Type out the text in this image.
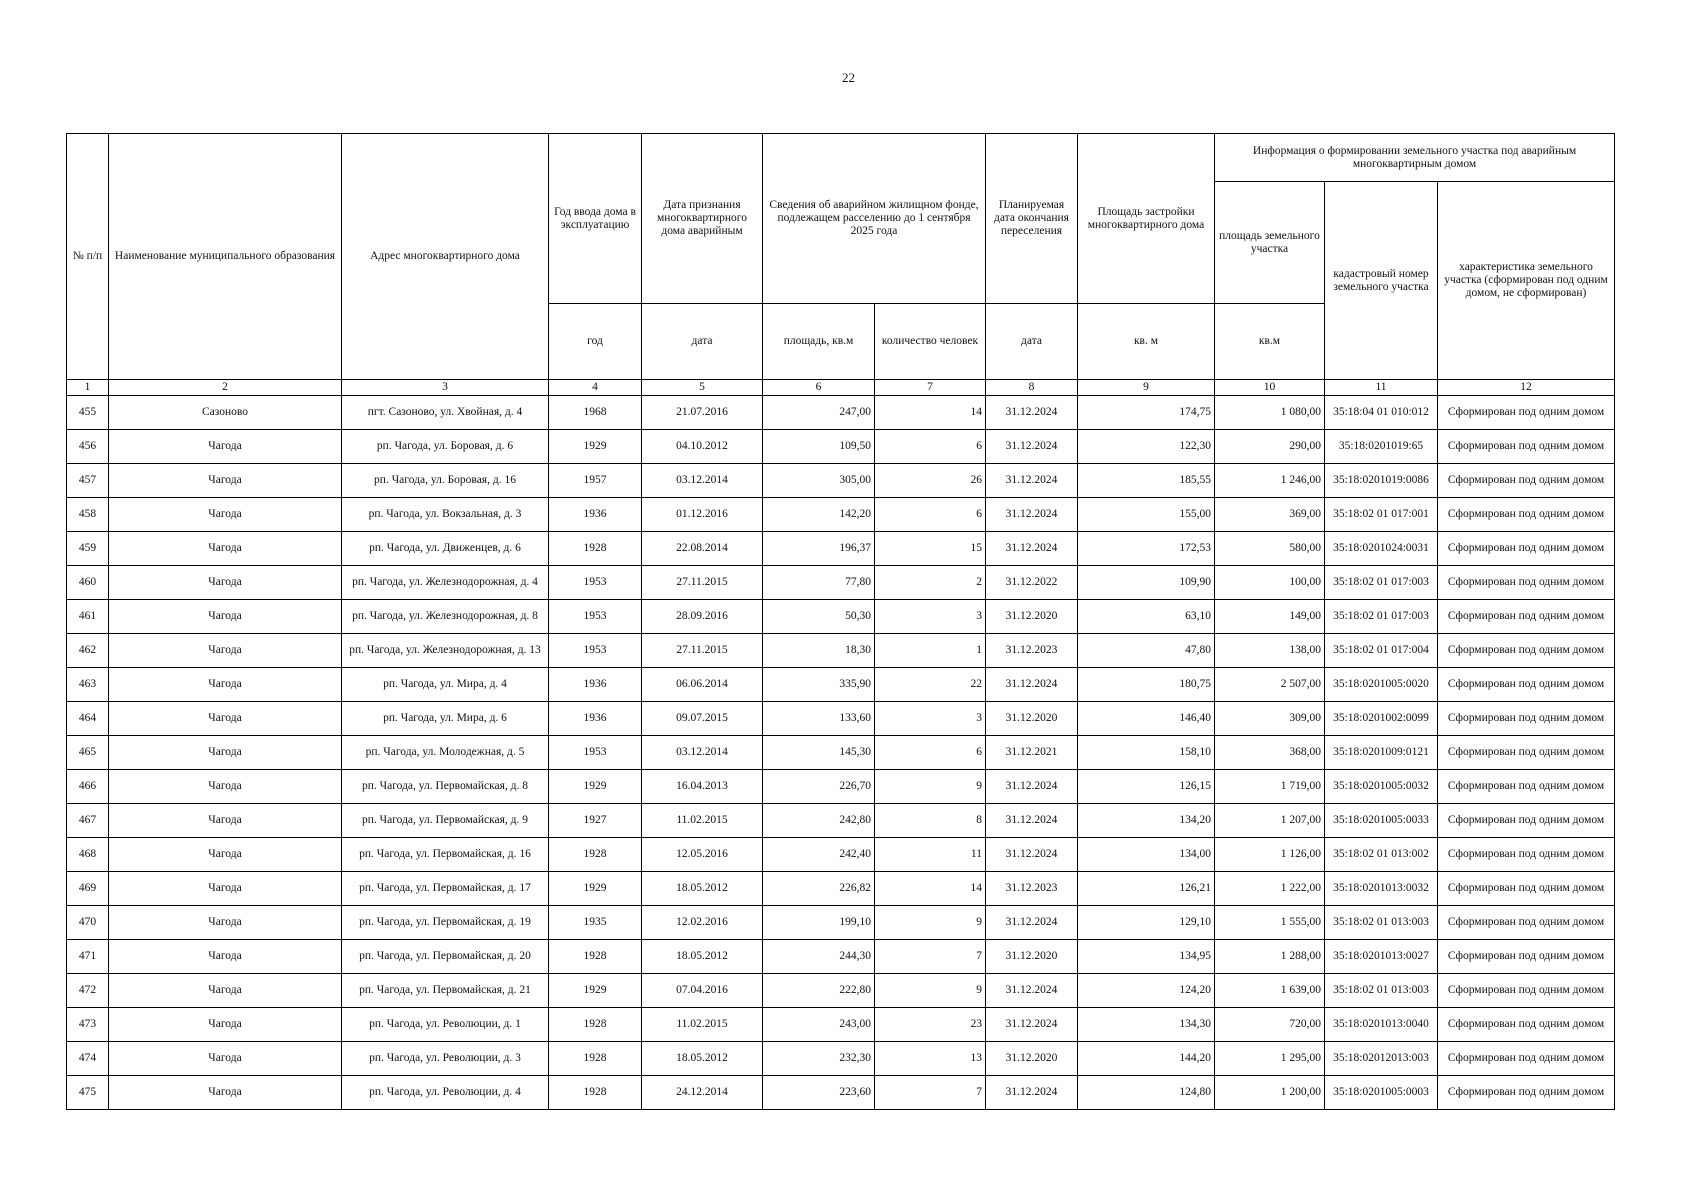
22
№ п/п	Наименование муниципального образования	Адрес многоквартирного дома	Год ввода дома в эксплуатацию	Дата признания многоквартирного дома аварийным	Сведения об аварийном жилищном фонде, подлежащем расселению до 1 сентября 2025 года		Планируемая дата окончания переселения	Площадь застройки многоквартирного дома	Информация о формировании земельного участка под аварийным многоквартирным домом		
									площадь земельного участка	кадастровый номер земельного участка	характеристика земельного участка (сформирован под одним домом, не сформирован)
			год	дата	площадь, кв.м	количество человек	дата	кв. м	кв.м		
1	2	3	4	5	6	7	8	9	10	11	12
455	Сазоново	пгт. Сазоново, ул. Хвойная, д. 4	1968	21.07.2016	247,00	14	31.12.2024	174,75	1 080,00	35:18:04 01 010:012	Сформирован под одним домом
456	Чагода	рп. Чагода, ул. Боровая, д. 6	1929	04.10.2012	109,50	6	31.12.2024	122,30	290,00	35:18:0201019:65	Сформирован под одним домом
457	Чагода	рп. Чагода, ул. Боровая, д. 16	1957	03.12.2014	305,00	26	31.12.2024	185,55	1 246,00	35:18:0201019:0086	Сформирован под одним домом
458	Чагода	рп. Чагода, ул. Вокзальная, д. 3	1936	01.12.2016	142,20	6	31.12.2024	155,00	369,00	35:18:02 01 017:001	Сформирован под одним домом
459	Чагода	рп. Чагода, ул. Движенцев, д. 6	1928	22.08.2014	196,37	15	31.12.2024	172,53	580,00	35:18:0201024:0031	Сформирован под одним домом
460	Чагода	рп. Чагода, ул. Железнодорожная, д. 4	1953	27.11.2015	77,80	2	31.12.2022	109,90	100,00	35:18:02 01 017:003	Сформирован под одним домом
461	Чагода	рп. Чагода, ул. Железнодорожная, д. 8	1953	28.09.2016	50,30	3	31.12.2020	63,10	149,00	35:18:02 01 017:003	Сформирован под одним домом
462	Чагода	рп. Чагода, ул. Железнодорожная, д. 13	1953	27.11.2015	18,30	1	31.12.2023	47,80	138,00	35:18:02 01 017:004	Сформирован под одним домом
463	Чагода	рп. Чагода, ул. Мира, д. 4	1936	06.06.2014	335,90	22	31.12.2024	180,75	2 507,00	35:18:0201005:0020	Сформирован под одним домом
464	Чагода	рп. Чагода, ул. Мира, д. 6	1936	09.07.2015	133,60	3	31.12.2020	146,40	309,00	35:18:0201002:0099	Сформирован под одним домом
465	Чагода	рп. Чагода, ул. Молодежная, д. 5	1953	03.12.2014	145,30	6	31.12.2021	158,10	368,00	35:18:0201009:0121	Сформирован под одним домом
466	Чагода	рп. Чагода, ул. Первомайская, д. 8	1929	16.04.2013	226,70	9	31.12.2024	126,15	1 719,00	35:18:0201005:0032	Сформирован под одним домом
467	Чагода	рп. Чагода, ул. Первомайская, д. 9	1927	11.02.2015	242,80	8	31.12.2024	134,20	1 207,00	35:18:0201005:0033	Сформирован под одним домом
468	Чагода	рп. Чагода, ул. Первомайская, д. 16	1928	12.05.2016	242,40	11	31.12.2024	134,00	1 126,00	35:18:02 01 013:002	Сформирован под одним домом
469	Чагода	рп. Чагода, ул. Первомайская, д. 17	1929	18.05.2012	226,82	14	31.12.2023	126,21	1 222,00	35:18:0201013:0032	Сформирован под одним домом
470	Чагода	рп. Чагода, ул. Первомайская, д. 19	1935	12.02.2016	199,10	9	31.12.2024	129,10	1 555,00	35:18:02 01 013:003	Сформирован под одним домом
471	Чагода	рп. Чагода, ул. Первомайская, д. 20	1928	18.05.2012	244,30	7	31.12.2020	134,95	1 288,00	35:18:0201013:0027	Сформирован под одним домом
472	Чагода	рп. Чагода, ул. Первомайская, д. 21	1929	07.04.2016	222,80	9	31.12.2024	124,20	1 639,00	35:18:02 01 013:003	Сформирован под одним домом
473	Чагода	рп. Чагода, ул. Революции, д. 1	1928	11.02.2015	243,00	23	31.12.2024	134,30	720,00	35:18:0201013:0040	Сформирован под одним домом
474	Чагода	рп. Чагода, ул. Революции, д. 3	1928	18.05.2012	232,30	13	31.12.2020	144,20	1 295,00	35:18:02012013:003	Сформирован под одним домом
475	Чагода	рп. Чагода, ул. Революции, д. 4	1928	24.12.2014	223,60	7	31.12.2024	124,80	1 200,00	35:18:0201005:0003	Сформирован под одним домом
